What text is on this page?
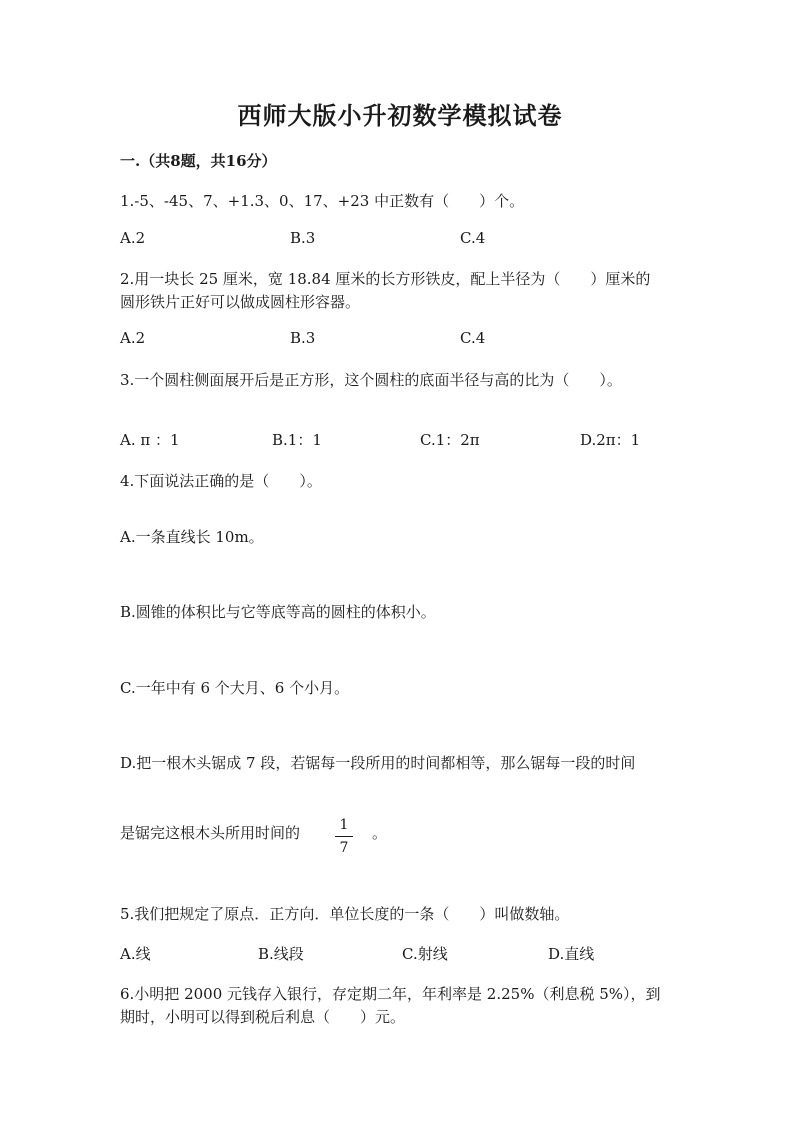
西师大版小升初数学模拟试卷
一.（共8题，共16分）
1.-5、-45、7、+1.3、0、17、+23 中正数有（　　）个。
A.2	B.3	C.4
2.用一块长 25 厘米，宽 18.84 厘米的长方形铁皮，配上半径为（　　）厘米的
圆形铁片正好可以做成圆柱形容器。
A.2	B.3	C.4
3.一个圆柱侧面展开后是正方形，这个圆柱的底面半径与高的比为（　　）。
A. π ：1	B.1：1	C.1：2π	D.2π：1
4.下面说法正确的是（　　）。
A.一条直线长 10m。
B.圆锥的体积比与它等底等高的圆柱的体积小。
C.一年中有 6 个大月、6 个小月。
D.把一根木头锯成 7 段，若锯每一段所用的时间都相等，那么锯每一段的时间
是锯完这根木头所用时间的	1
7
。
5.我们把规定了原点．正方向．单位长度的一条（　　）叫做数轴。
A.线	B.线段	C.射线	D.直线
6.小明把 2000 元钱存入银行，存定期二年，年利率是 2.25%（利息税 5%），到
期时，小明可以得到税后利息（　　）元。
